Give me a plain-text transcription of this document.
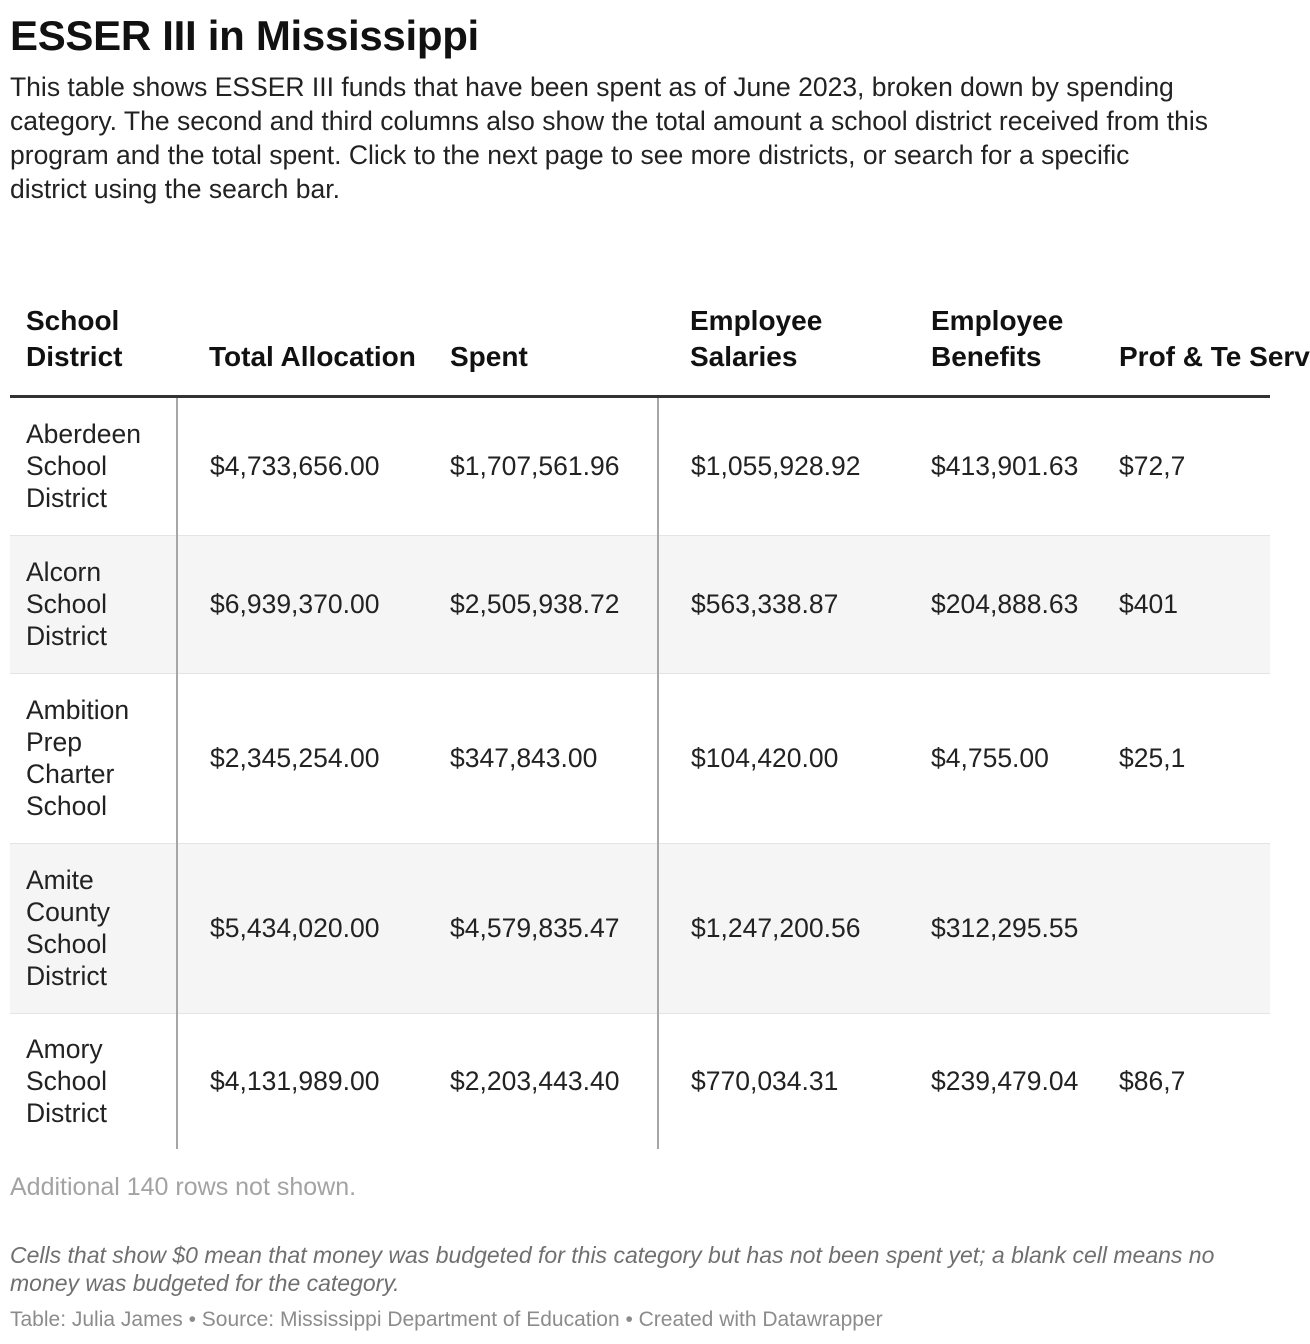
ESSER III in Mississippi

This table shows ESSER III funds that have been spent as of June 2023, broken down by spending category. The second and third columns also show the total amount a school district received from this program and the total spent. Click to the next page to see more districts, or search for a specific district using the search bar.

School District	Total Allocation	Spent	Employee Salaries	Employee Benefits	Prof & Te Serv
Aberdeen School District	$4,733,656.00	$1,707,561.96	$1,055,928.92	$413,901.63	$72,7
Alcorn School District	$6,939,370.00	$2,505,938.72	$563,338.87	$204,888.63	$401
Ambition Prep Charter School	$2,345,254.00	$347,843.00	$104,420.00	$4,755.00	$25,1
Amite County School District	$5,434,020.00	$4,579,835.47	$1,247,200.56	$312,295.55	
Amory School District	$4,131,989.00	$2,203,443.40	$770,034.31	$239,479.04	$86,7

Additional 140 rows not shown.

Cells that show $0 mean that money was budgeted for this category but has not been spent yet; a blank cell means no money was budgeted for the category.

Table: Julia James • Source: Mississippi Department of Education • Created with Datawrapper
